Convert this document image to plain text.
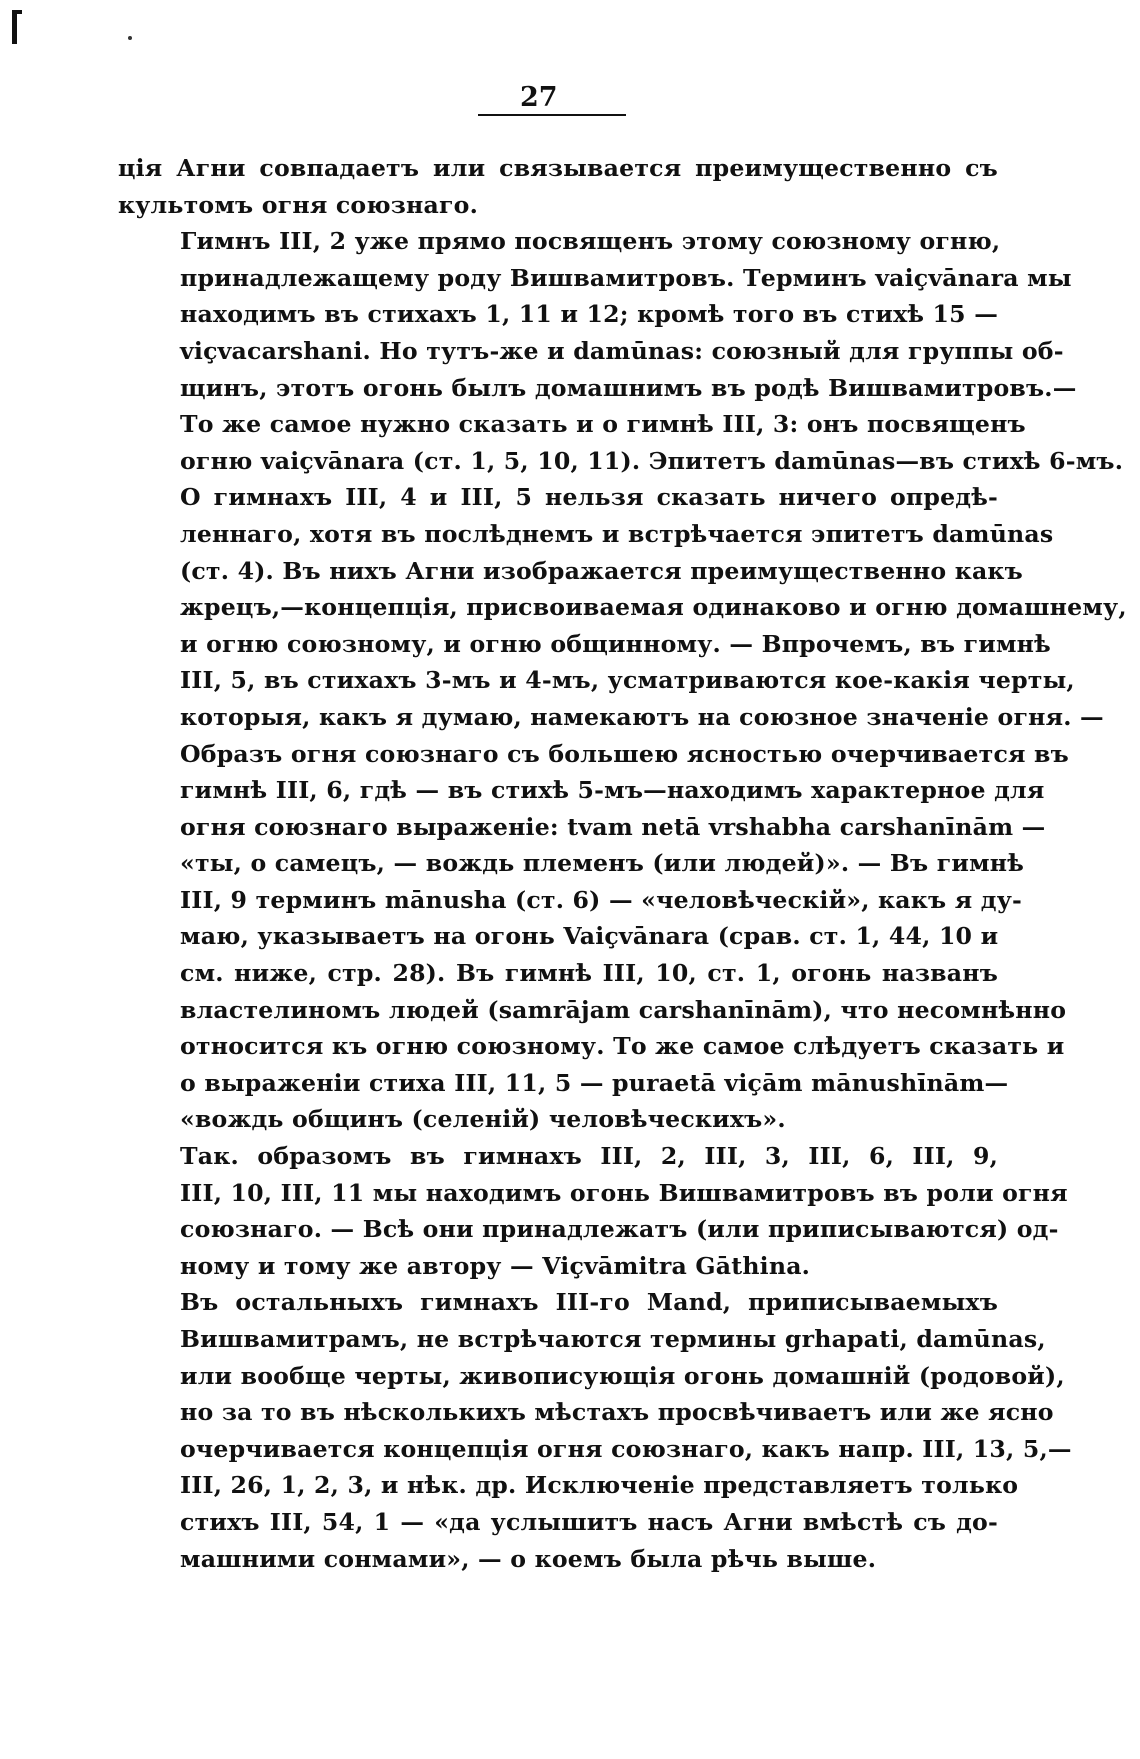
27
ція Агни совпадаетъ или связывается преимущественно съ
культомъ огня союзнаго.
Гимнъ III, 2 уже прямо посвященъ этому союзному огню,
принадлежащему роду Вишвамитровъ. Терминъ vaiçvānara мы
находимъ въ стихахъ 1, 11 и 12; кромѣ того въ стихѣ 15 —
viçvacarshani. Но тутъ-же и damūnas: союзный для группы об-
щинъ, этотъ огонь былъ домашнимъ въ родѣ Вишвамитровъ.—
То же самое нужно сказать и о гимнѣ III, 3: онъ посвященъ
огню vaiçvānara (ст. 1, 5, 10, 11). Эпитетъ damūnas—въ стихѣ 6-мъ.
О гимнахъ III, 4 и III, 5 нельзя сказать ничего опредѣ-
леннаго, хотя въ послѣднемъ и встрѣчается эпитетъ damūnas
(ст. 4). Въ нихъ Агни изображается преимущественно какъ
жрецъ,—концепція, присвоиваемая одинаково и огню домашнему,
и огню союзному, и огню общинному. — Впрочемъ, въ гимнѣ
III, 5, въ стихахъ 3-мъ и 4-мъ, усматриваются кое-какія черты,
которыя, какъ я думаю, намекаютъ на союзное значеніе огня. —
Образъ огня союзнаго съ большею ясностью очерчивается въ
гимнѣ III, 6, гдѣ — въ стихѣ 5-мъ—находимъ характерное для
огня союзнаго выраженіе: tvam netā vrshabha carshanīnām —
«ты, о самецъ, — вождь племенъ (или людей)». — Въ гимнѣ
III, 9 терминъ mānusha (ст. 6) — «человѣческій», какъ я ду-
маю, указываетъ на огонь Vaiçvānara (срав. ст. 1, 44, 10 и
см. ниже, стр. 28). Въ гимнѣ III, 10, ст. 1, огонь названъ
властелиномъ людей (samrājam carshanīnām), что несомнѣнно
относится къ огню союзному. То же самое слѣдуетъ сказать и
о выраженіи стиха III, 11, 5 — puraetā viçām mānushīnām—
«вождь общинъ (селеній) человѣческихъ».
Так. образомъ въ гимнахъ III, 2, III, 3, III, 6, III, 9,
III, 10, III, 11 мы находимъ огонь Вишвамитровъ въ роли огня
союзнаго. — Всѣ они принадлежатъ (или приписываются) од-
ному и тому же автору — Viçvāmitra Gāthina.
Въ остальныхъ гимнахъ III-го Mand, приписываемыхъ
Вишвамитрамъ, не встрѣчаются термины grhapati, damūnas,
или вообще черты, живописующія огонь домашній (родовой),
но за то въ нѣсколькихъ мѣстахъ просвѣчиваетъ или же ясно
очерчивается концепція огня союзнаго, какъ напр. III, 13, 5,—
III, 26, 1, 2, 3, и нѣк. др. Исключеніе представляетъ только
стихъ III, 54, 1 — «да услышитъ насъ Агни вмѣстѣ съ до-
машними сонмами», — о коемъ была рѣчь выше.
